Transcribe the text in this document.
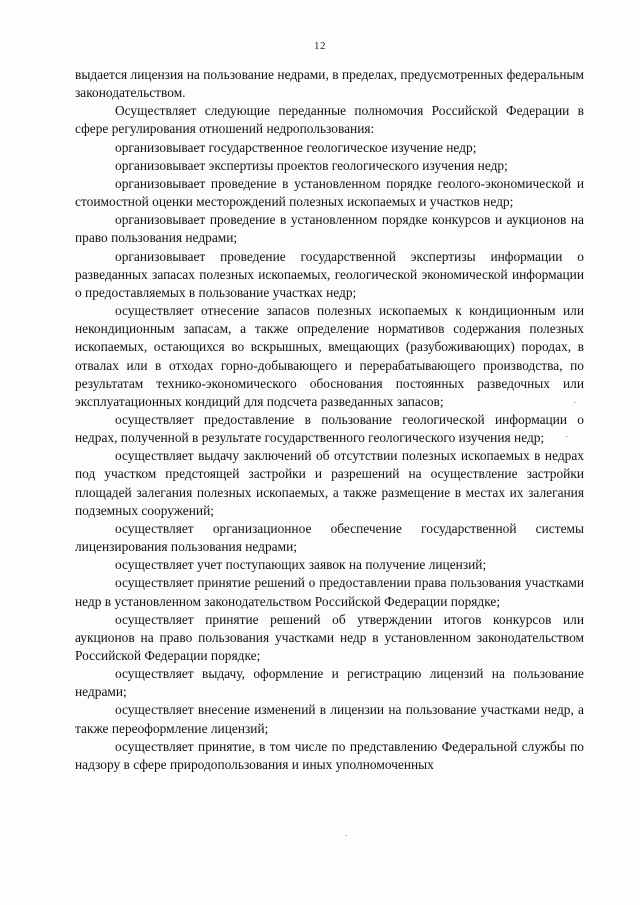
12

выдается лицензия на пользование недрами, в пределах, предусмотренных федеральным законодательством.

Осуществляет следующие переданные полномочия Российской Федерации в сфере регулирования отношений недропользования:

организовывает государственное геологическое изучение недр;

организовывает экспертизы проектов геологического изучения недр;

организовывает проведение в установленном порядке геолого-экономической и стоимостной оценки месторождений полезных ископаемых и участков недр;

организовывает проведение в установленном порядке конкурсов и аукционов на право пользования недрами;

организовывает проведение государственной экспертизы информации о разведанных запасах полезных ископаемых, геологической экономической информации о предоставляемых в пользование участках недр;

осуществляет отнесение запасов полезных ископаемых к кондиционным или некондиционным запасам, а также определение нормативов содержания полезных ископаемых, остающихся во вскрышных, вмещающих (разубоживающих) породах, в отвалах или в отходах горно-добывающего и перерабатывающего производства, по результатам технико-экономического обоснования постоянных разведочных или эксплуатационных кондиций для подсчета разведанных запасов;

осуществляет предоставление в пользование геологической информации о недрах, полученной в результате государственного геологического изучения недр;

осуществляет выдачу заключений об отсутствии полезных ископаемых в недрах под участком предстоящей застройки и разрешений на осуществление застройки площадей залегания полезных ископаемых, а также размещение в местах их залегания подземных сооружений;

осуществляет организационное обеспечение государственной системы лицензирования пользования недрами;

осуществляет учет поступающих заявок на получение лицензий;

осуществляет принятие решений о предоставлении права пользования участками недр в установленном законодательством Российской Федерации порядке;

осуществляет принятие решений об утверждении итогов конкурсов или аукционов на право пользования участками недр в установленном законодательством Российской Федерации порядке;

осуществляет выдачу, оформление и регистрацию лицензий на пользование недрами;

осуществляет внесение изменений в лицензии на пользование участками недр, а также переоформление лицензий;

осуществляет принятие, в том числе по представлению Федеральной службы по надзору в сфере природопользования и иных уполномоченных
